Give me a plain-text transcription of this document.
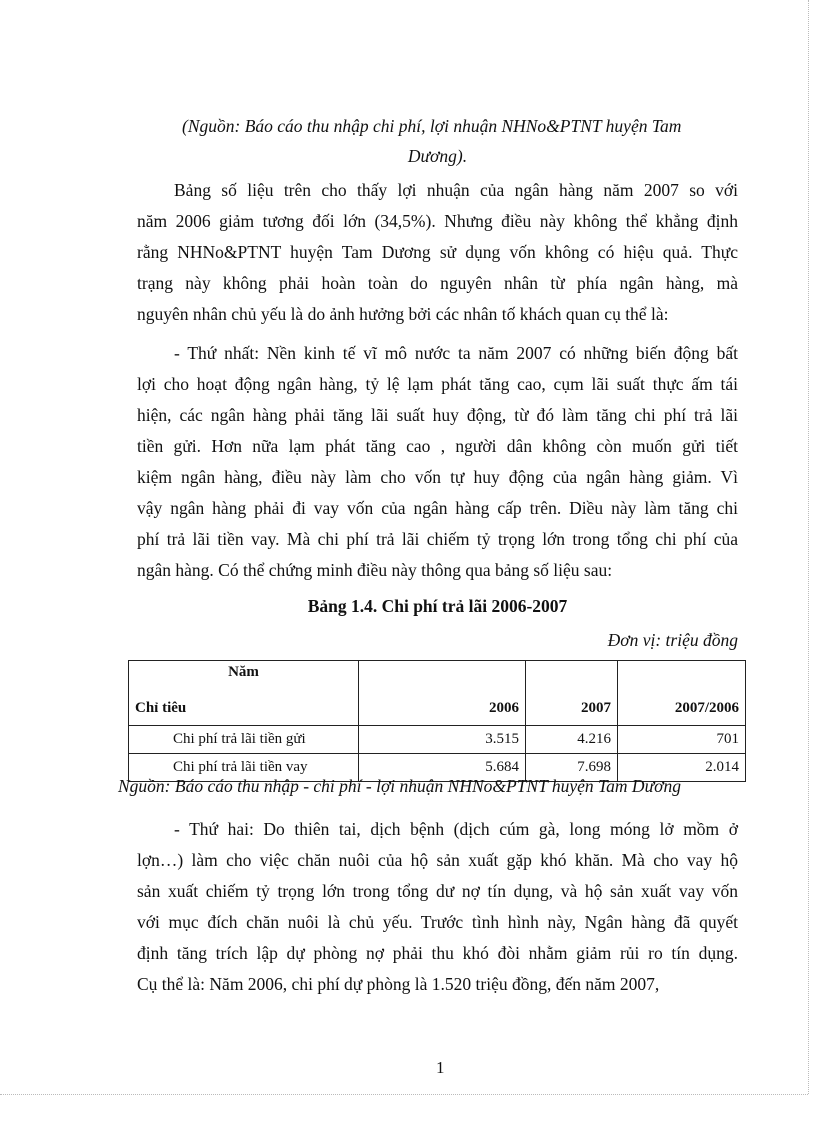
(Nguồn: Báo cáo thu nhập chi phí, lợi nhuận NHNo&PTNT huyện Tam
Dương).
Bảng số liệu trên cho thấy lợi nhuận của ngân hàng năm 2007 so với
năm 2006 giảm tương đối lớn (34,5%). Nhưng điều này không thể khẳng định
rằng NHNo&PTNT huyện Tam Dương sử dụng vốn không có hiệu quả. Thực
trạng này không phải hoàn toàn do nguyên nhân từ phía ngân hàng, mà
nguyên nhân chủ yếu là do ảnh hưởng bởi các nhân tố khách quan cụ thể là:
- Thứ nhất: Nền kinh tế vĩ mô nước ta năm 2007 có những biến động bất
lợi cho hoạt động ngân hàng, tỷ lệ lạm phát tăng cao, cụm lãi suất thực ấm tái
hiện, các ngân hàng phải tăng lãi suất huy động, từ đó làm tăng chi phí trả lãi
tiền gửi. Hơn nữa lạm phát tăng cao , người dân không còn muốn gửi tiết
kiệm ngân hàng, điều này làm cho vốn tự huy động của ngân hàng giảm. Vì
vậy ngân hàng phải đi vay vốn của ngân hàng cấp trên. Diều này làm tăng chi
phí trả lãi tiền vay. Mà chi phí trả lãi chiếm tỷ trọng lớn trong tổng chi phí của
ngân hàng. Có thể chứng minh điều này thông qua bảng số liệu sau:
Bảng 1.4. Chi phí trả lãi 2006-2007
Đơn vị: triệu đồng
Năm
Chỉ tiêu	2006	2007	2007/2006
Chi phí trả lãi tiền gửi	3.515	4.216	701
Chi phí trả lãi tiền vay	5.684	7.698	2.014
Nguồn: Báo cáo thu nhập - chi phí - lợi nhuận NHNo&PTNT huyện Tam Dương
- Thứ hai: Do thiên tai, dịch bệnh (dịch cúm gà, long móng lở mồm ở
lợn…) làm cho việc chăn nuôi của hộ sản xuất gặp khó khăn. Mà cho vay hộ
sản xuất chiếm tỷ trọng lớn trong tổng dư nợ tín dụng, và hộ sản xuất vay vốn
với mục đích chăn nuôi là chủ yếu. Trước tình hình này, Ngân hàng đã quyết
định tăng trích lập dự phòng nợ phải thu khó đòi nhằm giảm rủi ro tín dụng.
Cụ thể là: Năm 2006, chi phí dự phòng là 1.520 triệu đồng, đến năm 2007,
1
